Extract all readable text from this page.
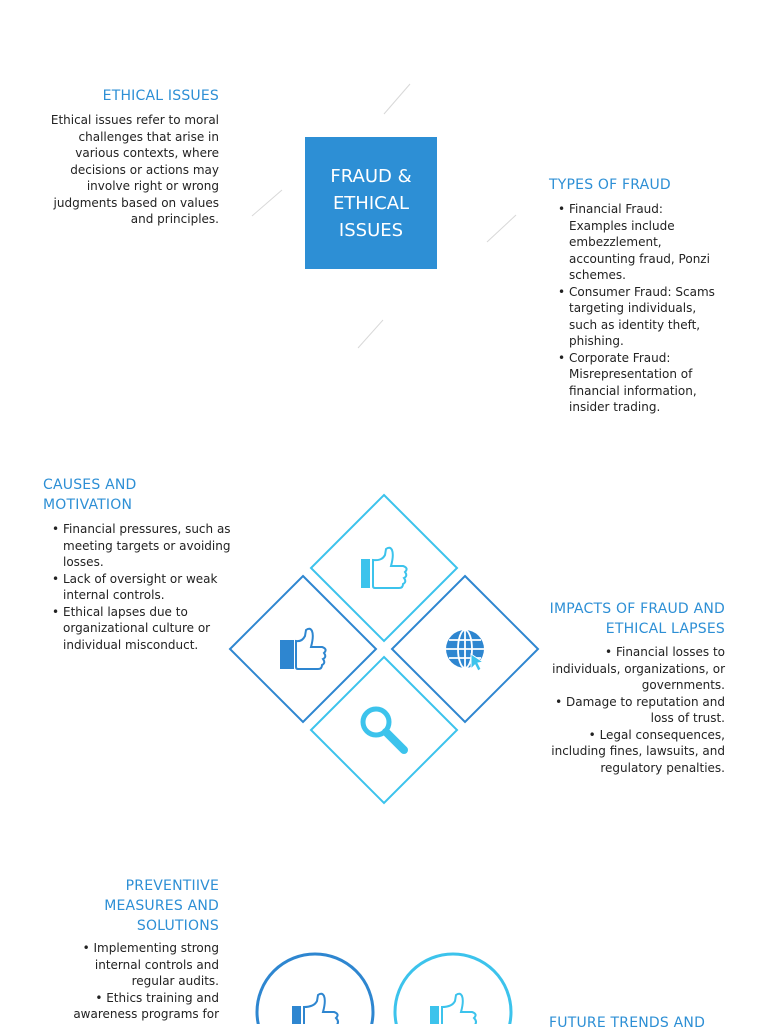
FRAUD & ETHICAL ISSUES
ETHICAL ISSUES
Ethical issues refer to moral challenges that arise in various contexts, where decisions or actions may involve right or wrong judgments based on values and principles.
TYPES OF FRAUD
• Financial Fraud: Examples include embezzlement, accounting fraud, Ponzi schemes.
• Consumer Fraud: Scams targeting individuals, such as identity theft, phishing.
• Corporate Fraud: Misrepresentation of financial information, insider trading.
CAUSES AND MOTIVATION
• Financial pressures, such as meeting targets or avoiding losses.
• Lack of oversight or weak internal controls.
• Ethical lapses due to organizational culture or individual misconduct.
IMPACTS OF FRAUD AND ETHICAL LAPSES

• Financial losses to individuals, organizations, or governments.

• Damage to reputation and loss of trust.

• Legal consequences, including fines, lawsuits, and regulatory penalties.

PREVENTIIVE MEASURES AND SOLUTIONS

• Implementing strong internal controls and regular audits.

• Ethics training and awareness programs for

FUTURE TRENDS AND
